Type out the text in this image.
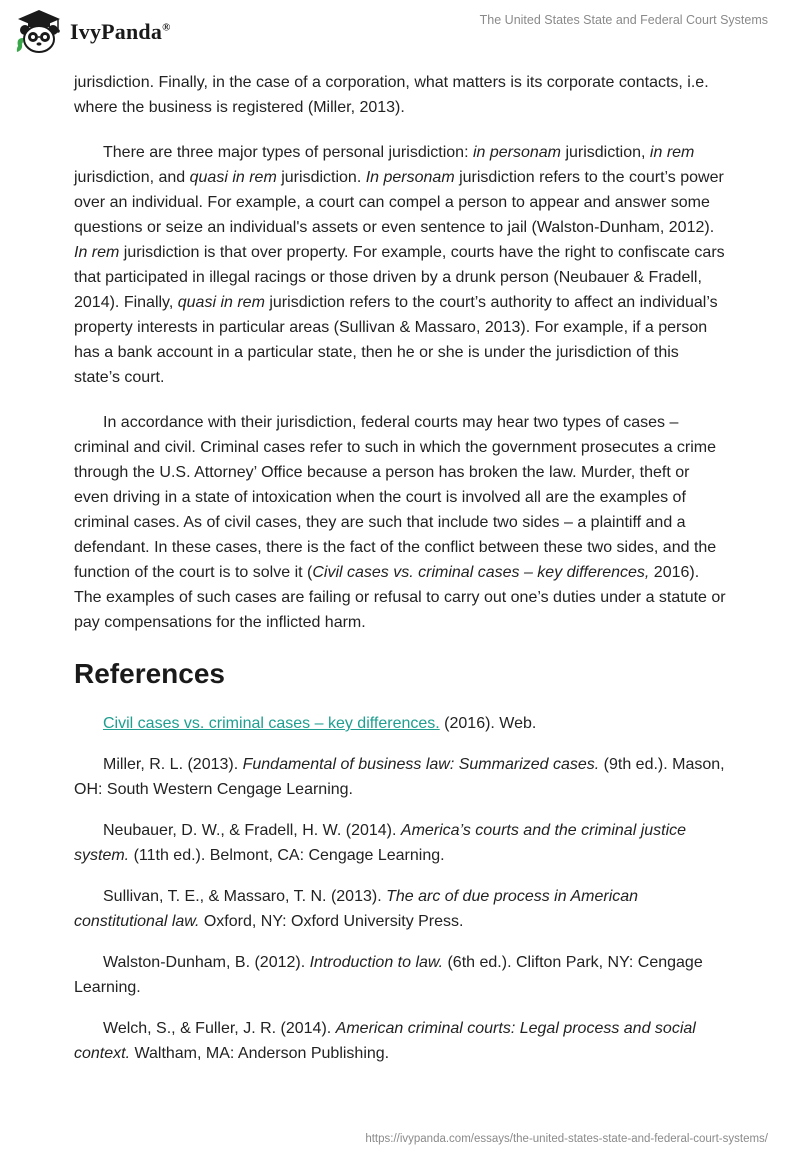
IvyPanda®
The United States State and Federal Court Systems

jurisdiction. Finally, in the case of a corporation, what matters is its corporate contacts, i.e. where the business is registered (Miller, 2013).

There are three major types of personal jurisdiction: in personam jurisdiction, in rem jurisdiction, and quasi in rem jurisdiction. In personam jurisdiction refers to the court’s power over an individual. For example, a court can compel a person to appear and answer some questions or seize an individual's assets or even sentence to jail (Walston-Dunham, 2012). In rem jurisdiction is that over property. For example, courts have the right to confiscate cars that participated in illegal racings or those driven by a drunk person (Neubauer & Fradell, 2014). Finally, quasi in rem jurisdiction refers to the court’s authority to affect an individual’s property interests in particular areas (Sullivan & Massaro, 2013). For example, if a person has a bank account in a particular state, then he or she is under the jurisdiction of this state’s court.

In accordance with their jurisdiction, federal courts may hear two types of cases – criminal and civil. Criminal cases refer to such in which the government prosecutes a crime through the U.S. Attorney’ Office because a person has broken the law. Murder, theft or even driving in a state of intoxication when the court is involved all are the examples of criminal cases. As of civil cases, they are such that include two sides – a plaintiff and a defendant. In these cases, there is the fact of the conflict between these two sides, and the function of the court is to solve it (Civil cases vs. criminal cases – key differences, 2016). The examples of such cases are failing or refusal to carry out one’s duties under a statute or pay compensations for the inflicted harm.

References
Civil cases vs. criminal cases – key differences. (2016). Web.
Miller, R. L. (2013). Fundamental of business law: Summarized cases. (9th ed.). Mason, OH: South Western Cengage Learning.
Neubauer, D. W., & Fradell, H. W. (2014). America’s courts and the criminal justice system. (11th ed.). Belmont, CA: Cengage Learning.
Sullivan, T. E., & Massaro, T. N. (2013). The arc of due process in American constitutional law. Oxford, NY: Oxford University Press.
Walston-Dunham, B. (2012). Introduction to law. (6th ed.). Clifton Park, NY: Cengage Learning.
Welch, S., & Fuller, J. R. (2014). American criminal courts: Legal process and social context. Waltham, MA: Anderson Publishing.
https://ivypanda.com/essays/the-united-states-state-and-federal-court-systems/
